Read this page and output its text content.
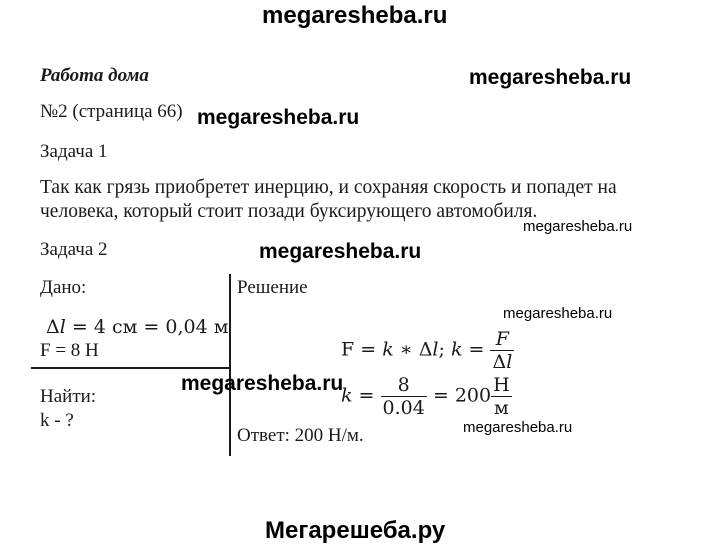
megaresheba.ru
Работа дома	megaresheba.ru
№2 (страница 66) megaresheba.ru
Задача 1
Так как грязь приобретет инерцию, и сохраняя скорость и попадет на
человека, который стоит позади буксирующего автомобиля.
megaresheba.ru
Задача 2	megaresheba.ru
Дано:	Решение
megaresheba.ru
Δl = 4 см = 0,04 м
F = 8 Н	F = k ∗ Δl; $k = \frac{F}{\Delta l}$
megaresheba.ru
Найти:
k - ?
$k = \frac{8}{0.04} = 200 \frac{Н}{м}$
megaresheba.ru
Ответ: 200 Н/м.
Мегарешеба.ру
